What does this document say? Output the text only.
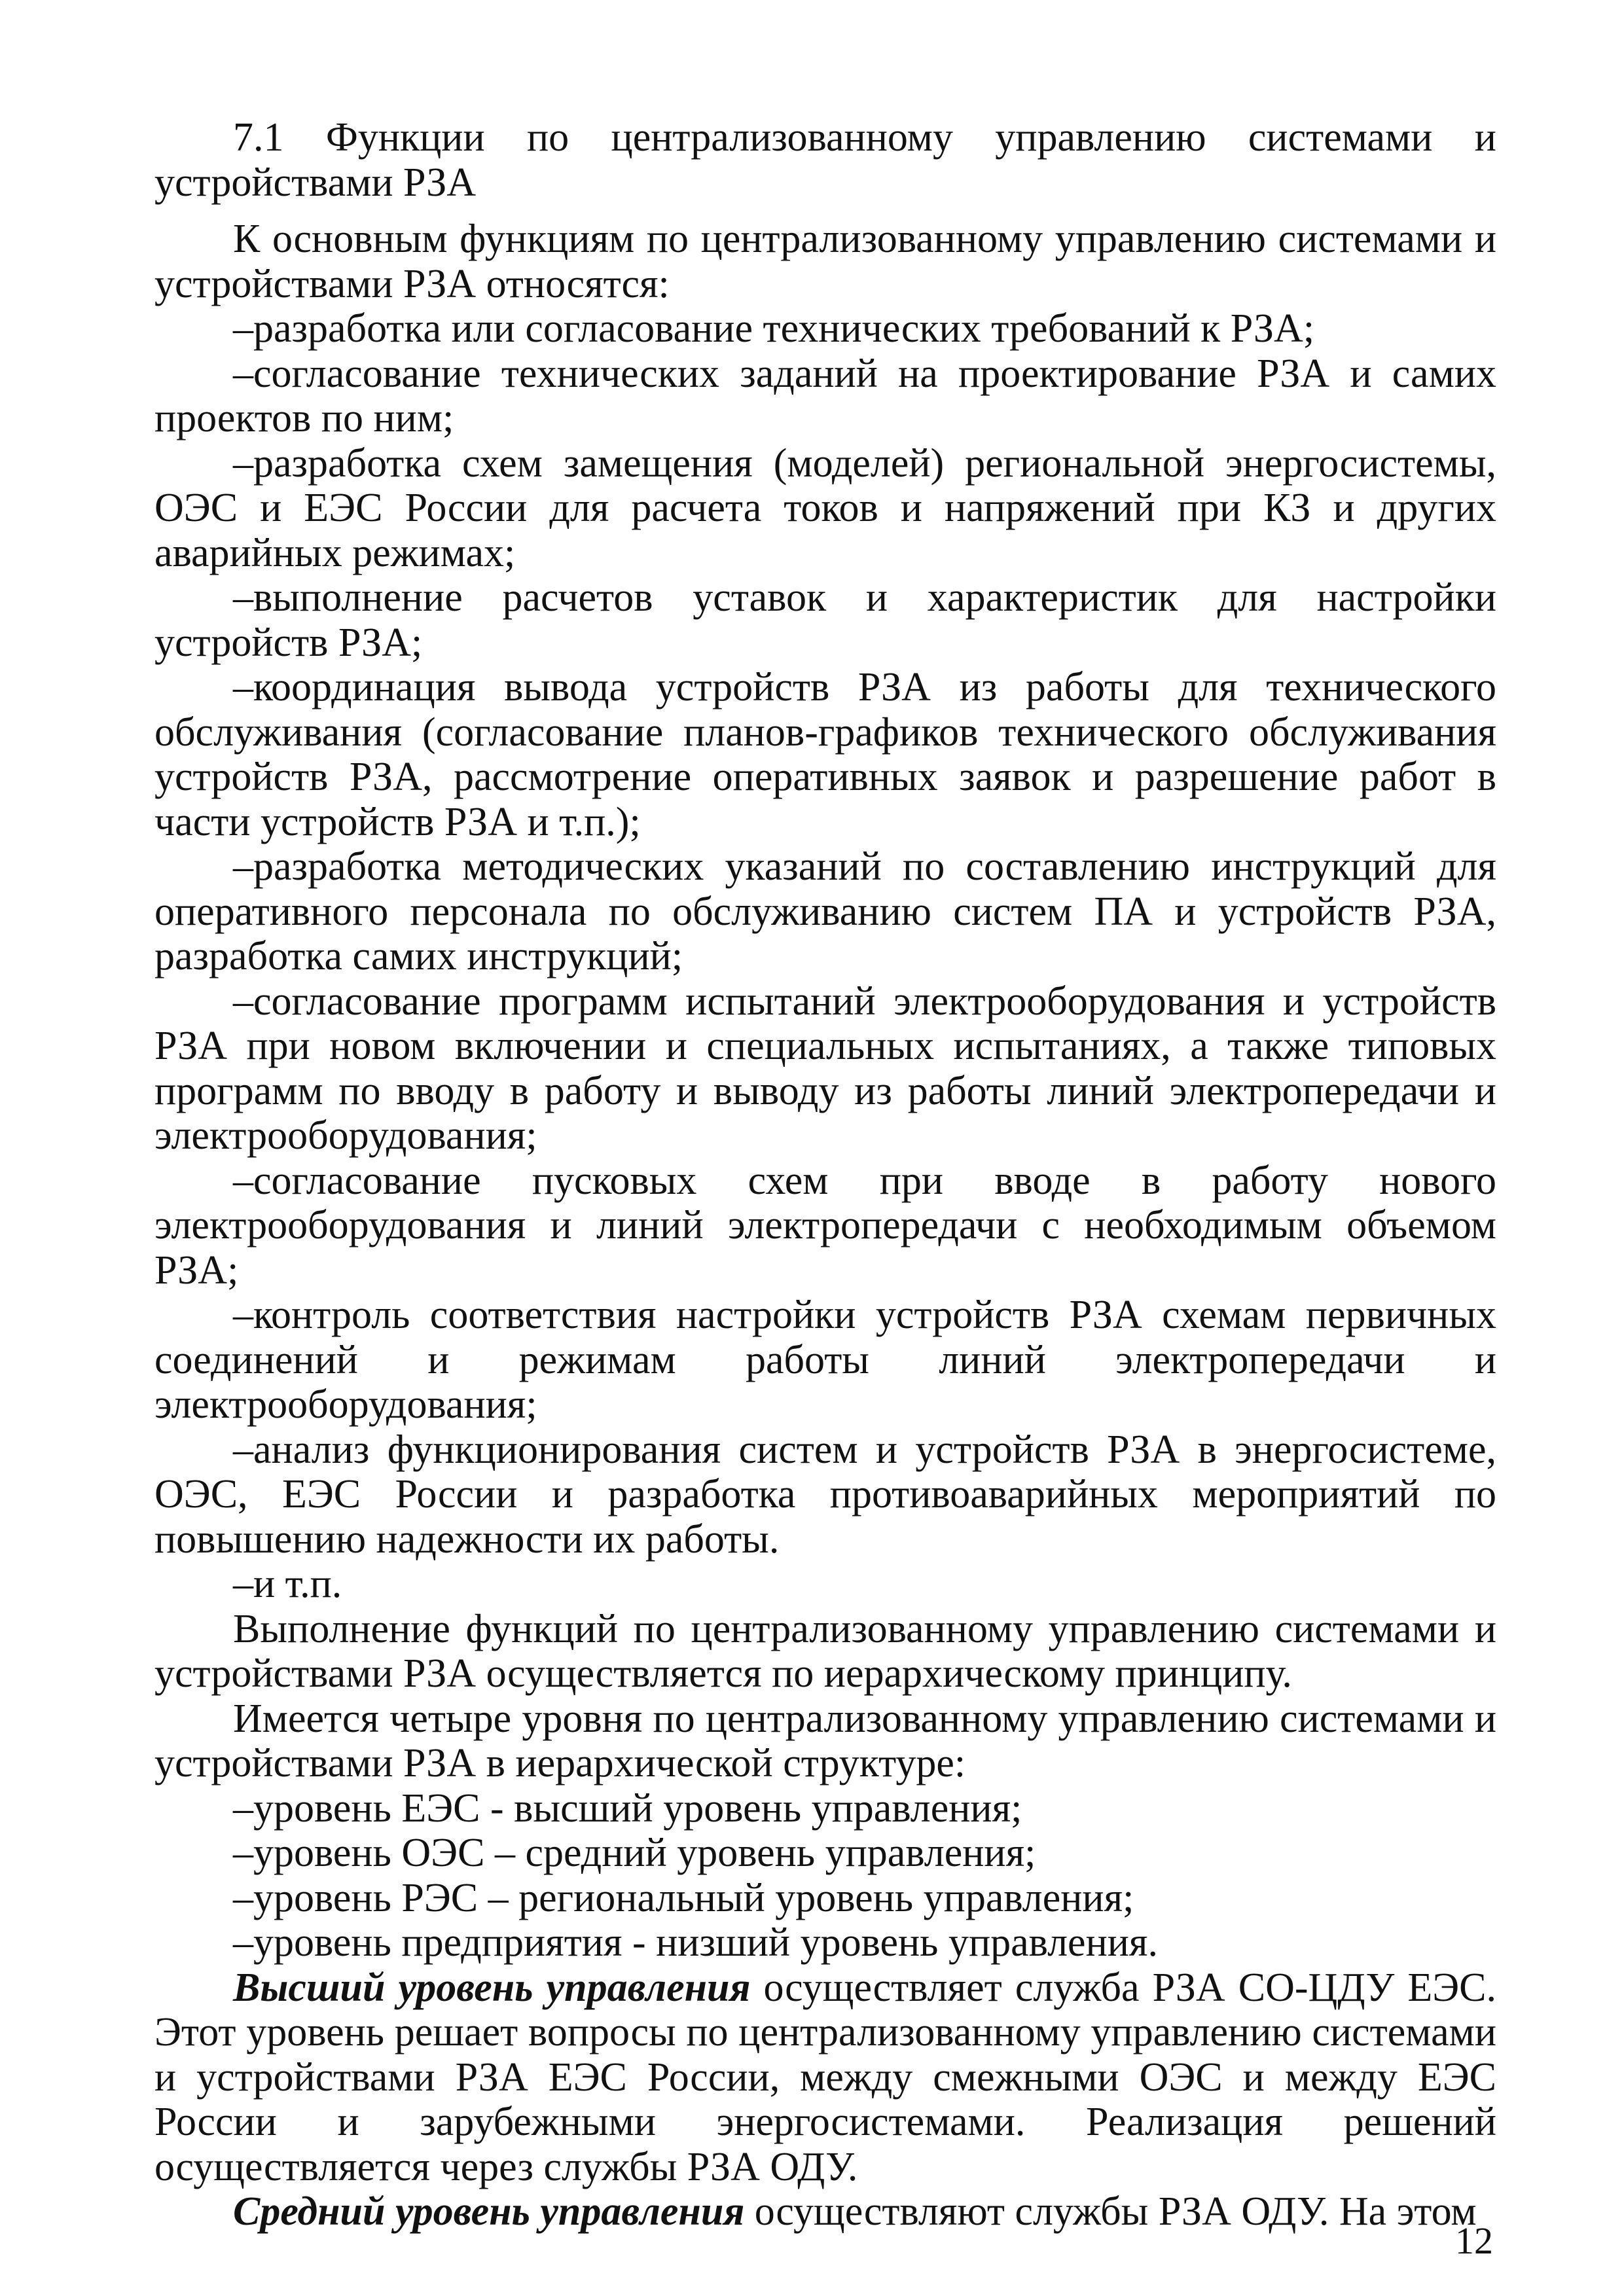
7.1 Функции по централизованному управлению системами и устройствами РЗА

К основным функциям по централизованному управлению системами и устройствами РЗА относятся:

–разработка или согласование технических требований к РЗА;

–согласование технических заданий на проектирование РЗА и самих проектов по ним;

–разработка схем замещения (моделей) региональной энергосистемы, ОЭС и ЕЭС России для расчета токов и напряжений при КЗ и других аварийных режимах;

–выполнение расчетов уставок и характеристик для настройки устройств РЗА;

–координация вывода устройств РЗА из работы для технического обслуживания (согласование планов-графиков технического обслуживания устройств РЗА, рассмотрение оперативных заявок и разрешение работ в части устройств РЗА и т.п.);

–разработка методических указаний по составлению инструкций для оперативного персонала по обслуживанию систем ПА и устройств РЗА, разработка самих инструкций;

–согласование программ испытаний электрооборудования и устройств РЗА при новом включении и специальных испытаниях, а также типовых программ по вводу в работу и выводу из работы линий электропередачи и электрооборудования;

–согласование пусковых схем при вводе в работу нового электрооборудования и линий электропередачи с необходимым объемом РЗА;

–контроль соответствия настройки устройств РЗА схемам первичных соединений и режимам работы линий электропередачи и электрооборудования;

–анализ функционирования систем и устройств РЗА в энергосистеме, ОЭС, ЕЭС России и разработка противоаварийных мероприятий по повышению надежности их работы.

–и т.п.

Выполнение функций по централизованному управлению системами и устройствами РЗА осуществляется по иерархическому принципу.

Имеется четыре уровня по централизованному управлению системами и устройствами РЗА в иерархической структуре:

–уровень ЕЭС - высший уровень управления;

–уровень ОЭС – средний уровень управления;

–уровень РЭС – региональный уровень управления;

–уровень предприятия - низший уровень управления.

Высший уровень управления осуществляет служба РЗА СО-ЦДУ ЕЭС. Этот уровень решает вопросы по централизованному управлению системами и устройствами РЗА ЕЭС России, между смежными ОЭС и между ЕЭС России и зарубежными энергосистемами. Реализация решений осуществляется через службы РЗА ОДУ.

Средний уровень управления осуществляют службы РЗА ОДУ. На этом

12
